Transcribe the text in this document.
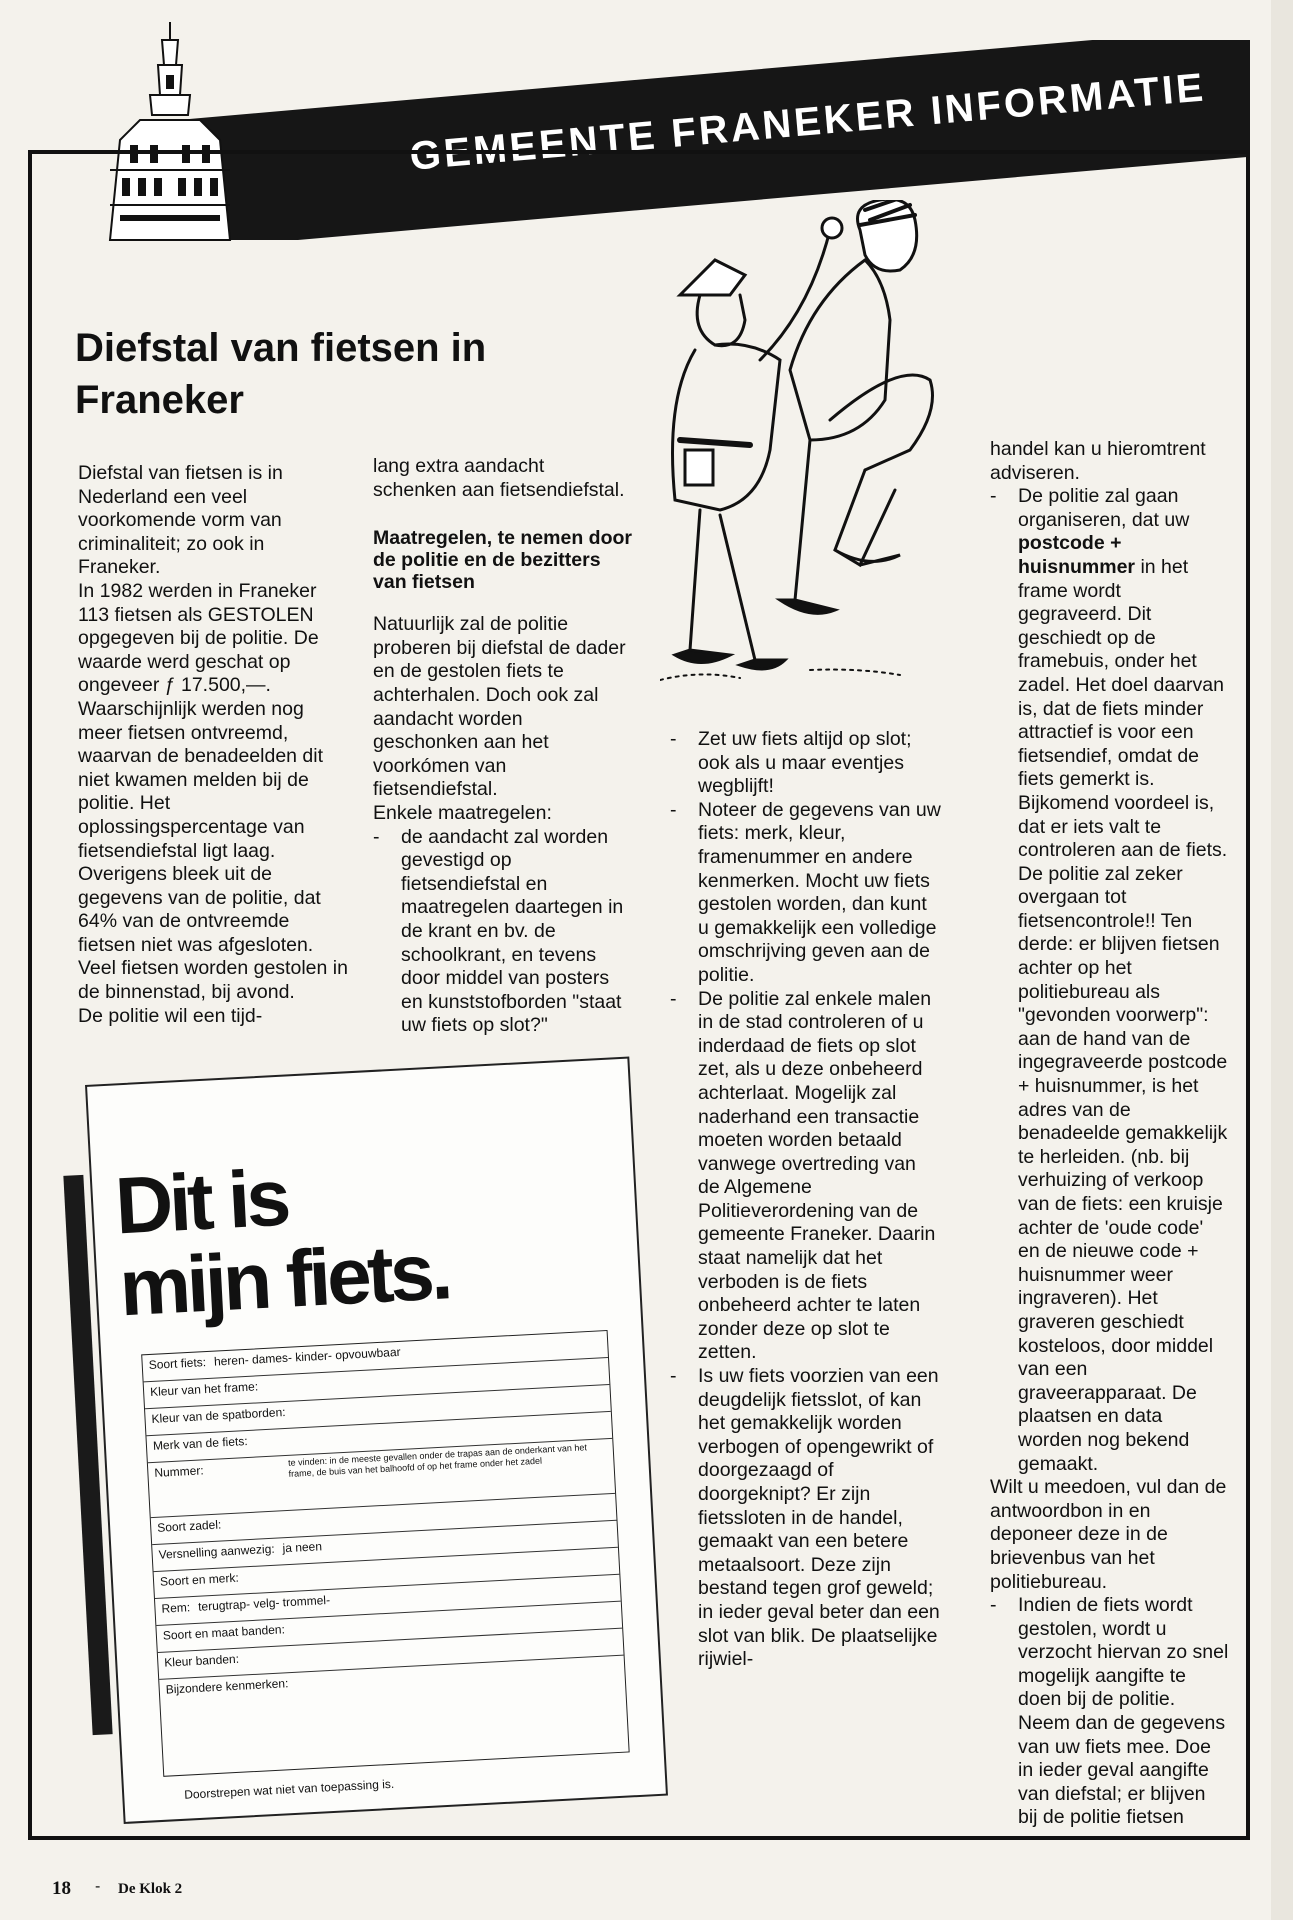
GEMEENTE FRANEKER INFORMATIE
Diefstal van fietsen in Franeker

Diefstal van fietsen is in Nederland een veel voorkomende vorm van criminaliteit; zo ook in Franeker.

In 1982 werden in Franeker 113 fietsen als GESTOLEN opgegeven bij de politie. De waarde werd geschat op ongeveer ƒ 17.500,—. Waarschijnlijk werden nog meer fietsen ontvreemd, waarvan de benadeelden dit niet kwamen melden bij de politie. Het oplossingspercentage van fietsendiefstal ligt laag.

Overigens bleek uit de gegevens van de politie, dat 64% van de ontvreemde fietsen niet was afgesloten. Veel fietsen worden gestolen in de binnenstad, bij avond.

De politie wil een tijd-

lang extra aandacht schenken aan fietsendiefstal.

Maatregelen, te nemen door de politie en de bezitters van fietsen

Natuurlijk zal de politie proberen bij diefstal de dader en de gestolen fiets te achterhalen. Doch ook zal aandacht worden geschonken aan het voorkómen van fietsendiefstal.

Enkele maatregelen:

- de aandacht zal worden gevestigd op fietsendiefstal en maatregelen daartegen in de krant en bv. de schoolkrant, en tevens door middel van posters en kunststofborden "staat uw fiets op slot?"

- Zet uw fiets altijd op slot; ook als u maar eventjes wegblijft!

- Noteer de gegevens van uw fiets: merk, kleur, framenummer en andere kenmerken. Mocht uw fiets gestolen worden, dan kunt u gemakkelijk een volledige omschrijving geven aan de politie.

- De politie zal enkele malen in de stad controleren of u inderdaad de fiets op slot zet, als u deze onbeheerd achterlaat. Mogelijk zal naderhand een transactie moeten worden betaald vanwege overtreding van de Algemene Politieverordening van de gemeente Franeker. Daarin staat namelijk dat het verboden is de fiets onbeheerd achter te laten zonder deze op slot te zetten.

- Is uw fiets voorzien van een deugdelijk fietsslot, of kan het gemakkelijk worden verbogen of opengewrikt of doorgezaagd of doorgeknipt? Er zijn fietssloten in de handel, gemaakt van een betere metaalsoort. Deze zijn bestand tegen grof geweld; in ieder geval beter dan een slot van blik. De plaatselijke rijwiel-

handel kan u hieromtrent adviseren.

- De politie zal gaan organiseren, dat uw postcode + huisnummer in het frame wordt gegraveerd. Dit geschiedt op de framebuis, onder het zadel. Het doel daarvan is, dat de fiets minder attractief is voor een fietsendief, omdat de fiets gemerkt is. Bijkomend voordeel is, dat er iets valt te controleren aan de fiets. De politie zal zeker overgaan tot fietsencontrole!! Ten derde: er blijven fietsen achter op het politiebureau als "gevonden voorwerp": aan de hand van de ingegraveerde postcode + huisnummer, is het adres van de benadeelde gemakkelijk te herleiden. (nb. bij verhuizing of verkoop van de fiets: een kruisje achter de 'oude code' en de nieuwe code + huisnummer weer ingraveren). Het graveren geschiedt kosteloos, door middel van een graveerapparaat. De plaatsen en data worden nog bekend gemaakt.

Wilt u meedoen, vul dan de antwoordbon in en deponeer deze in de brievenbus van het politiebureau.

- Indien de fiets wordt gestolen, wordt u verzocht hiervan zo snel mogelijk aangifte te doen bij de politie. Neem dan de gegevens van uw fiets mee. Doe in ieder geval aangifte van diefstal; er blijven bij de politie fietsen

Dit is
mijn fiets.
Soort fiets: heren- dames- kinder- opvouwbaar
Kleur van het frame:
Kleur van de spatborden:
Merk van de fiets:
Nummer:
te vinden: in de meeste gevallen onder de trapas aan de onderkant van het frame, de buis van het balhoofd of op het frame onder het zadel
Soort zadel:
Versnelling aanwezig: ja neen
Soort en merk:
Rem: terugtrap- velg- trommel-
Soort en maat banden:
Kleur banden:
Bijzondere kenmerken:
Doorstrepen wat niet van toepassing is.
18 - De Klok 2
